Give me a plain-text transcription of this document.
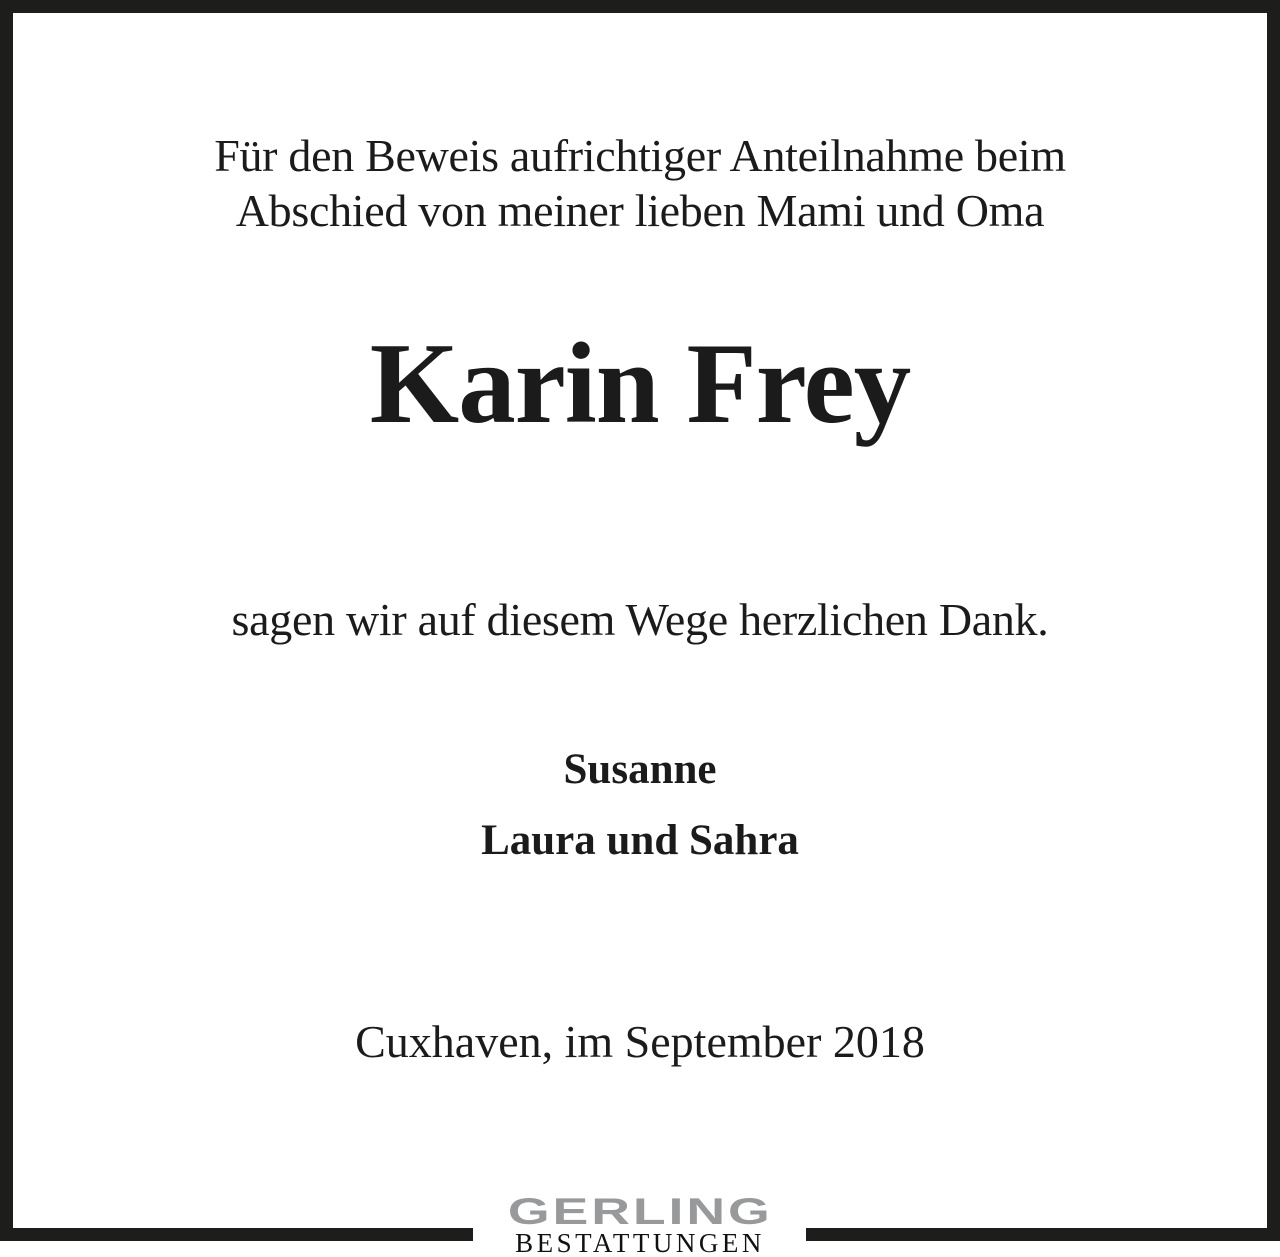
Für den Beweis aufrichtiger Anteilnahme beim
Abschied von meiner lieben Mami und Oma
Karin Frey
sagen wir auf diesem Wege herzlichen Dank.
Susanne
Laura und Sahra
Cuxhaven, im September 2018
GERLING
BESTATTUNGEN
